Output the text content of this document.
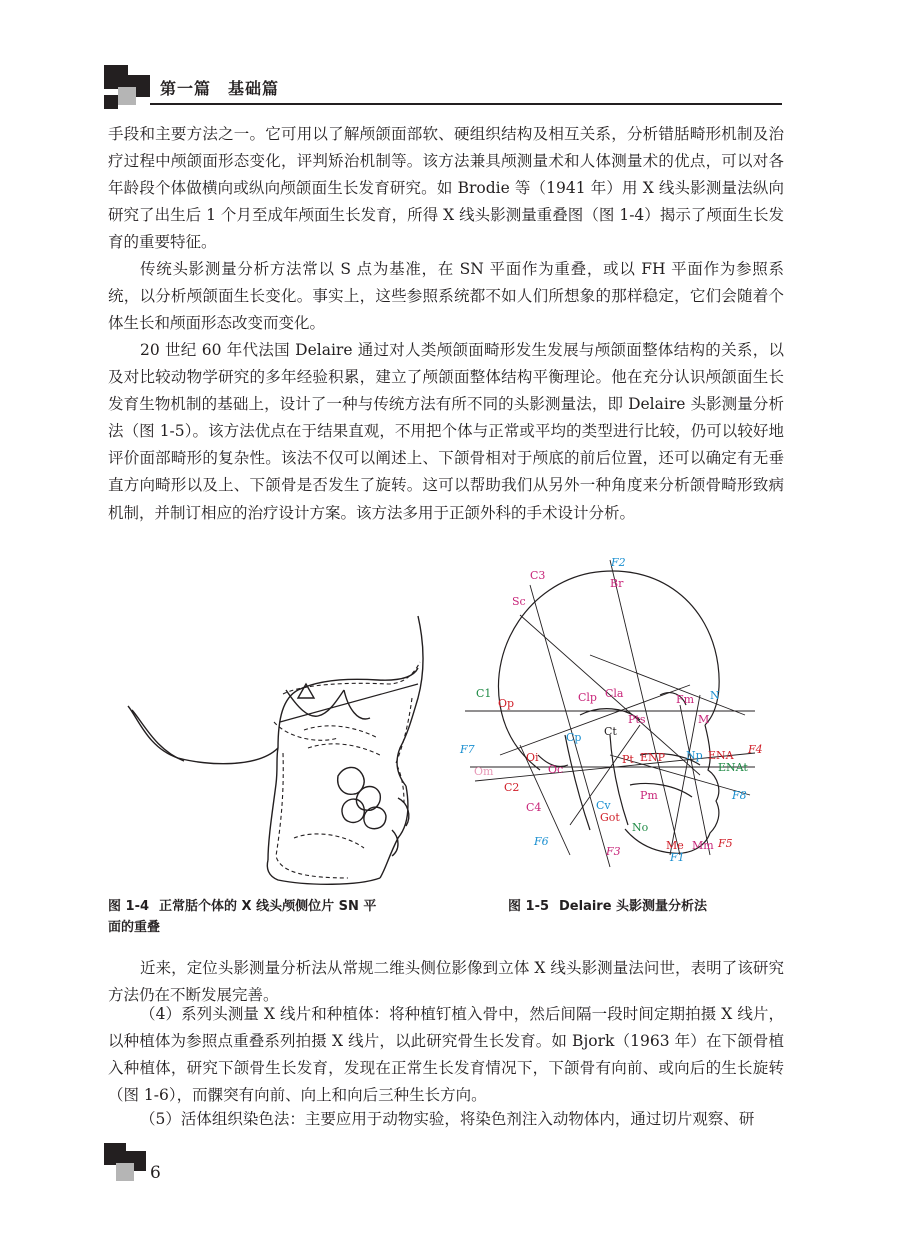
第一篇　基础篇

手段和主要方法之一。它可用以了解颅颌面部软、硬组织结构及相互关系，分析错䏦畸形机制及治疗过程中颅颌面形态变化，评判矫治机制等。该方法兼具颅测量术和人体测量术的优点，可以对各年龄段个体做横向或纵向颅颌面生长发育研究。如 Brodie 等（1941 年）用 X 线头影测量法纵向研究了出生后 1 个月至成年颅面生长发育，所得 X 线头影测量重叠图（图 1-4）揭示了颅面生长发育的重要特征。

传统头影测量分析方法常以 S 点为基准，在 SN 平面作为重叠，或以 FH 平面作为参照系统，以分析颅颌面生长变化。事实上，这些参照系统都不如人们所想象的那样稳定，它们会随着个体生长和颅面形态改变而变化。

20 世纪 60 年代法国 Delaire 通过对人类颅颌面畸形发生发展与颅颌面整体结构的关系，以及对比较动物学研究的多年经验积累，建立了颅颌面整体结构平衡理论。他在充分认识颅颌面生长发育生物机制的基础上，设计了一种与传统方法有所不同的头影测量法，即 Delaire 头影测量分析法（图 1-5）。该方法优点在于结果直观，不用把个体与正常或平均的类型进行比较，仍可以较好地评价面部畸形的复杂性。该法不仅可以阐述上、下颌骨相对于颅底的前后位置，还可以确定有无垂直方向畸形以及上、下颌骨是否发生了旋转。这可以帮助我们从另外一种角度来分析颌骨畸形致病机制，并制订相应的治疗设计方案。该方法多用于正颌外科的手术设计分析。

F2
C3
Br
Sc
C1
Op	Clp Cla	Fm N
M
Pts
Ct
Cp
F7
Oi
Om	Oc
Pt ENP Np ENA F4
ENAt
C2
Pm	F8
C4	Cv
Got
No
F6	Me Mm F5
F3	F1

图 1-4 正常䏦个体的 X 线头颅侧位片 SN 平
面的重叠

图 1-5 Delaire 头影测量分析法

近来，定位头影测量分析法从常规二维头侧位影像到立体 X 线头影测量法问世，表明了该研究方法仍在不断发展完善。

（4）系列头测量 X 线片和种植体：将种植钉植入骨中，然后间隔一段时间定期拍摄 X 线片，以种植体为参照点重叠系列拍摄 X 线片，以此研究骨生长发育。如 Bjork（1963 年）在下颌骨植入种植体，研究下颌骨生长发育，发现在正常生长发育情况下，下颌骨有向前、或向后的生长旋转（图 1-6），而髁突有向前、向上和向后三种生长方向。

（5）活体组织染色法：主要应用于动物实验，将染色剂注入动物体内，通过切片观察、研

6
